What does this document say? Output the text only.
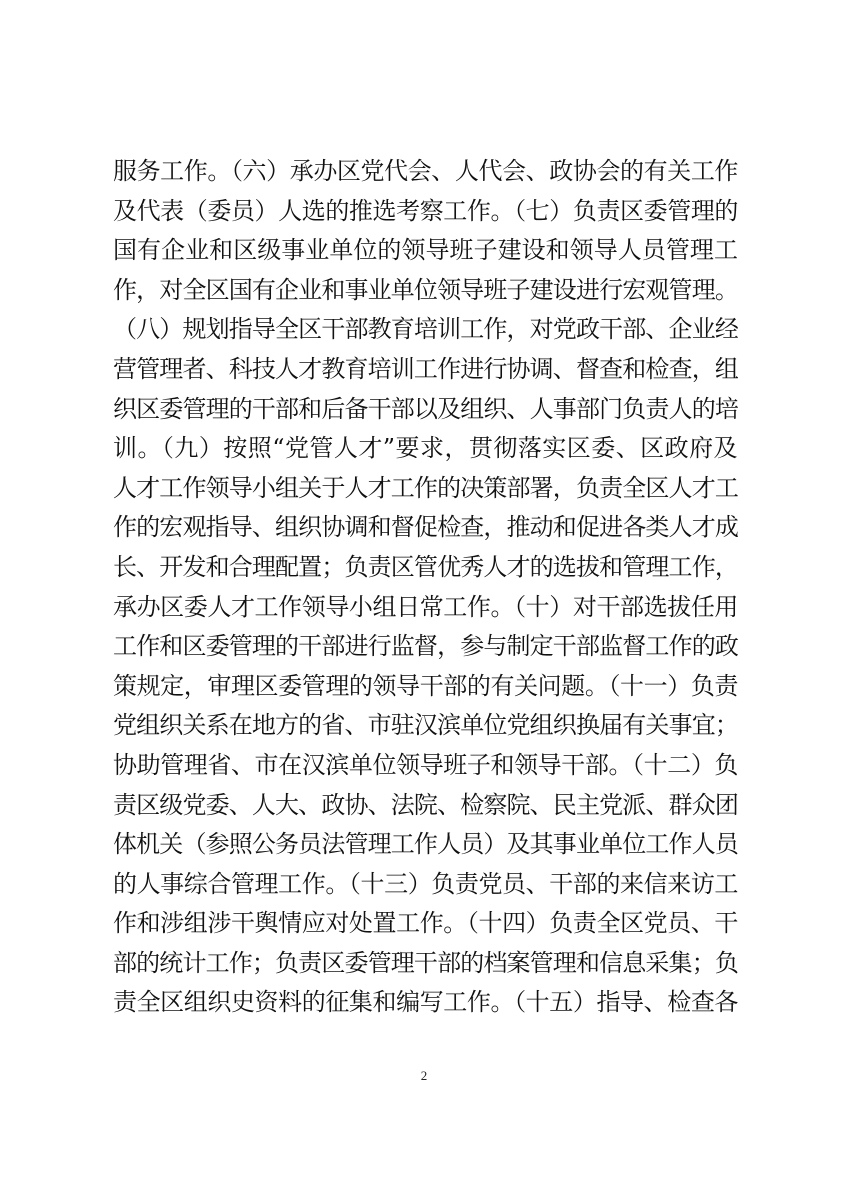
服务工作。（六）承办区党代会、人代会、政协会的有关工作
及代表（委员）人选的推选考察工作。（七）负责区委管理的
国有企业和区级事业单位的领导班子建设和领导人员管理工
作，对全区国有企业和事业单位领导班子建设进行宏观管理。
（八）规划指导全区干部教育培训工作，对党政干部、企业经
营管理者、科技人才教育培训工作进行协调、督查和检查，组
织区委管理的干部和后备干部以及组织、人事部门负责人的培
训。（九）按照“党管人才”要求，贯彻落实区委、区政府及
人才工作领导小组关于人才工作的决策部署，负责全区人才工
作的宏观指导、组织协调和督促检查，推动和促进各类人才成
长、开发和合理配置；负责区管优秀人才的选拔和管理工作，
承办区委人才工作领导小组日常工作。（十）对干部选拔任用
工作和区委管理的干部进行监督，参与制定干部监督工作的政
策规定，审理区委管理的领导干部的有关问题。（十一）负责
党组织关系在地方的省、市驻汉滨单位党组织换届有关事宜；
协助管理省、市在汉滨单位领导班子和领导干部。（十二）负
责区级党委、人大、政协、法院、检察院、民主党派、群众团
体机关（参照公务员法管理工作人员）及其事业单位工作人员
的人事综合管理工作。（十三）负责党员、干部的来信来访工
作和涉组涉干舆情应对处置工作。（十四）负责全区党员、干
部的统计工作；负责区委管理干部的档案管理和信息采集；负
责全区组织史资料的征集和编写工作。（十五）指导、检查各
2
